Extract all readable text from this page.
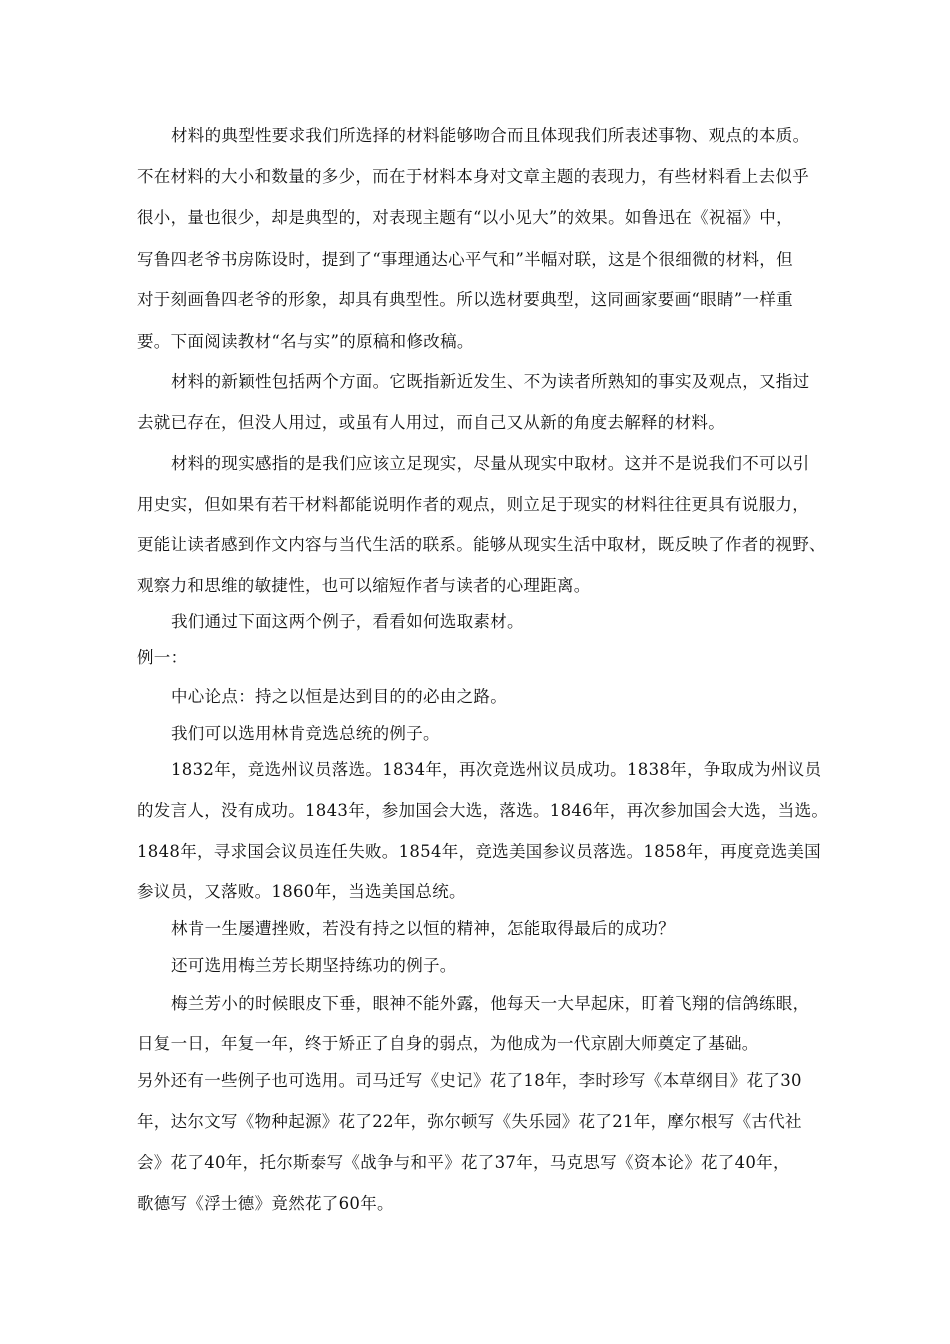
材料的典型性要求我们所选择的材料能够吻合而且体现我们所表述事物、观点的本质。
不在材料的大小和数量的多少，而在于材料本身对文章主题的表现力，有些材料看上去似乎
很小，量也很少，却是典型的，对表现主题有“以小见大”的效果。如鲁迅在《祝福》中，
写鲁四老爷书房陈设时，提到了“事理通达心平气和”半幅对联，这是个很细微的材料，但
对于刻画鲁四老爷的形象，却具有典型性。所以选材要典型，这同画家要画“眼睛”一样重
要。下面阅读教材“名与实”的原稿和修改稿。
材料的新颖性包括两个方面。它既指新近发生、不为读者所熟知的事实及观点，又指过
去就已存在，但没人用过，或虽有人用过，而自己又从新的角度去解释的材料。
材料的现实感指的是我们应该立足现实，尽量从现实中取材。这并不是说我们不可以引
用史实，但如果有若干材料都能说明作者的观点，则立足于现实的材料往往更具有说服力，
更能让读者感到作文内容与当代生活的联系。能够从现实生活中取材，既反映了作者的视野、
观察力和思维的敏捷性，也可以缩短作者与读者的心理距离。
我们通过下面这两个例子，看看如何选取素材。
例一：
中心论点：持之以恒是达到目的的必由之路。
我们可以选用林肯竞选总统的例子。
1832年，竞选州议员落选。1834年，再次竞选州议员成功。1838年，争取成为州议员
的发言人，没有成功。1843年，参加国会大选，落选。1846年，再次参加国会大选，当选。
1848年，寻求国会议员连任失败。1854年，竞选美国参议员落选。1858年，再度竞选美国
参议员，又落败。1860年，当选美国总统。
林肯一生屡遭挫败，若没有持之以恒的精神，怎能取得最后的成功？
还可选用梅兰芳长期坚持练功的例子。
梅兰芳小的时候眼皮下垂，眼神不能外露，他每天一大早起床，盯着飞翔的信鸽练眼，
日复一日，年复一年，终于矫正了自身的弱点，为他成为一代京剧大师奠定了基础。
另外还有一些例子也可选用。司马迁写《史记》花了18年，李时珍写《本草纲目》花了30
年，达尔文写《物种起源》花了22年，弥尔顿写《失乐园》花了21年，摩尔根写《古代社
会》花了40年，托尔斯泰写《战争与和平》花了37年，马克思写《资本论》花了40年，
歌德写《浮士德》竟然花了60年。
